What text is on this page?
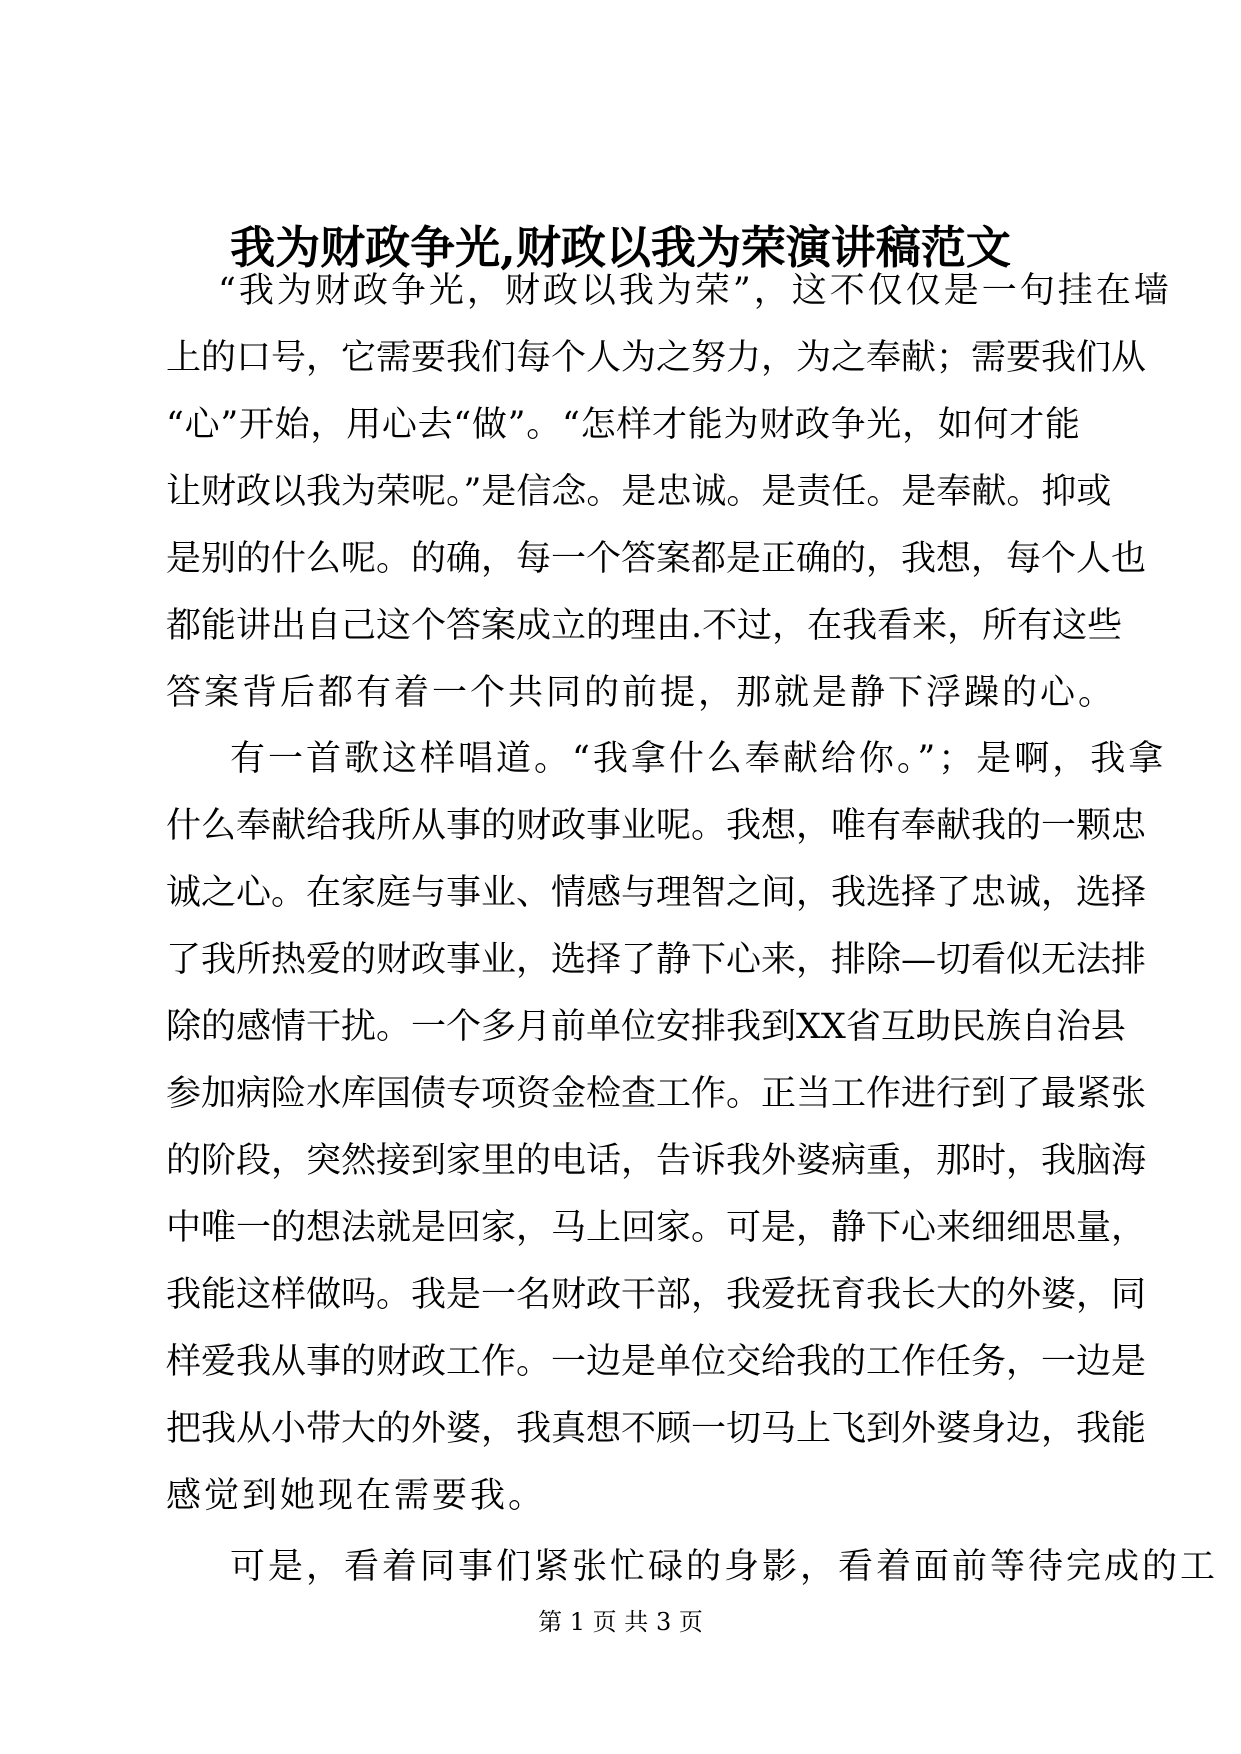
我为财政争光,财政以我为荣演讲稿范文
“我为财政争光，财政以我为荣”，这不仅仅是一句挂在墙
上的口号，它需要我们每个人为之努力，为之奉献；需要我们从
“心”开始，用心去“做”。“怎样才能为财政争光，如何才能
让财政以我为荣呢。”是信念。是忠诚。是责任。是奉献。抑或
是别的什么呢。的确，每一个答案都是正确的，我想，每个人也
都能讲出自己这个答案成立的理由.不过，在我看来，所有这些
答案背后都有着一个共同的前提，那就是静下浮躁的心。
有一首歌这样唱道。“我拿什么奉献给你。”；是啊，我拿
什么奉献给我所从事的财政事业呢。我想，唯有奉献我的一颗忠
诚之心。在家庭与事业、情感与理智之间，我选择了忠诚，选择
了我所热爱的财政事业，选择了静下心来，排除—切看似无法排
除的感情干扰。一个多月前单位安排我到XX省互助民族自治县
参加病险水库国债专项资金检查工作。正当工作进行到了最紧张
的阶段，突然接到家里的电话，告诉我外婆病重，那时，我脑海
中唯一的想法就是回家，马上回家。可是，静下心来细细思量，
我能这样做吗。我是一名财政干部，我爱抚育我长大的外婆，同
样爱我从事的财政工作。一边是单位交给我的工作任务，一边是
把我从小带大的外婆，我真想不顾一切马上飞到外婆身边，我能
感觉到她现在需要我。
可是，看着同事们紧张忙碌的身影，看着面前等待完成的工
第 1 页 共 3 页
